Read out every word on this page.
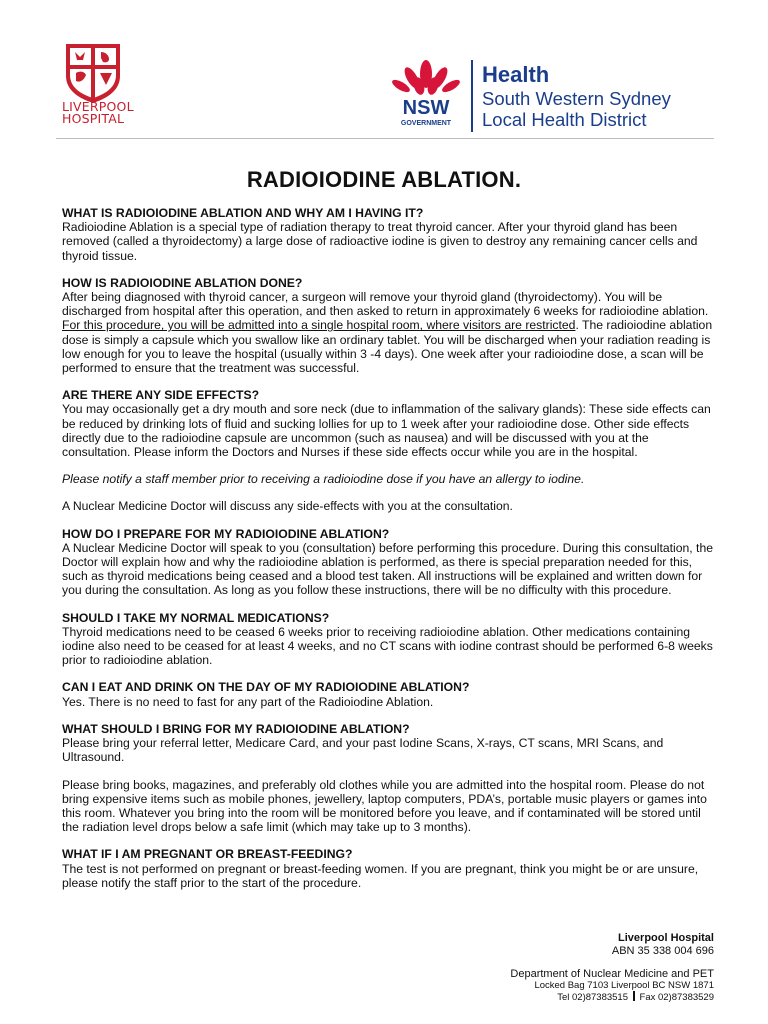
LIVERPOOL
HOSPITAL	NSW
GOVERNMENT
Health
South Western Sydney
Local Health District
RADIOIODINE ABLATION.
WHAT IS RADIOIODINE ABLATION AND WHY AM I HAVING IT?

Radioiodine Ablation is a special type of radiation therapy to treat thyroid cancer. After your thyroid gland has been removed (called a thyroidectomy) a large dose of radioactive iodine is given to destroy any remaining cancer cells and thyroid tissue.

HOW IS RADIOIODINE ABLATION DONE?

After being diagnosed with thyroid cancer, a surgeon will remove your thyroid gland (thyroidectomy). You will be discharged from hospital after this operation, and then asked to return in approximately 6 weeks for radioiodine ablation. For this procedure, you will be admitted into a single hospital room, where visitors are restricted. The radioiodine ablation dose is simply a capsule which you swallow like an ordinary tablet. You will be discharged when your radiation reading is low enough for you to leave the hospital (usually within 3 -4 days). One week after your radioiodine dose, a scan will be performed to ensure that the treatment was successful.

ARE THERE ANY SIDE EFFECTS?

You may occasionally get a dry mouth and sore neck (due to inflammation of the salivary glands): These side effects can be reduced by drinking lots of fluid and sucking lollies for up to 1 week after your radioiodine dose. Other side effects directly due to the radioiodine capsule are uncommon (such as nausea) and will be discussed with you at the consultation. Please inform the Doctors and Nurses if these side effects occur while you are in the hospital.

Please notify a staff member prior to receiving a radioiodine dose if you have an allergy to iodine.

A Nuclear Medicine Doctor will discuss any side-effects with you at the consultation.

HOW DO I PREPARE FOR MY RADIOIODINE ABLATION?

A Nuclear Medicine Doctor will speak to you (consultation) before performing this procedure. During this consultation, the Doctor will explain how and why the radioiodine ablation is performed, as there is special preparation needed for this, such as thyroid medications being ceased and a blood test taken. All instructions will be explained and written down for you during the consultation. As long as you follow these instructions, there will be no difficulty with this procedure.

SHOULD I TAKE MY NORMAL MEDICATIONS?

Thyroid medications need to be ceased 6 weeks prior to receiving radioiodine ablation. Other medications containing iodine also need to be ceased for at least 4 weeks, and no CT scans with iodine contrast should be performed 6-8 weeks prior to radioiodine ablation.

CAN I EAT AND DRINK ON THE DAY OF MY RADIOIODINE ABLATION?

Yes. There is no need to fast for any part of the Radioiodine Ablation.

WHAT SHOULD I BRING FOR MY RADIOIODINE ABLATION?

Please bring your referral letter, Medicare Card, and your past Iodine Scans, X-rays, CT scans, MRI Scans, and Ultrasound.

Please bring books, magazines, and preferably old clothes while you are admitted into the hospital room. Please do not bring expensive items such as mobile phones, jewellery, laptop computers, PDA’s, portable music players or games into this room. Whatever you bring into the room will be monitored before you leave, and if contaminated will be stored until the radiation level drops below a safe limit (which may take up to 3 months).

WHAT IF I AM PREGNANT OR BREAST-FEEDING?

The test is not performed on pregnant or breast-feeding women. If you are pregnant, think you might be or are unsure, please notify the staff prior to the start of the procedure.

Liverpool Hospital
ABN 35 338 004 696
Department of Nuclear Medicine and PET
Locked Bag 7103 Liverpool BC NSW 1871
Tel 02)87383515 Fax 02)87383529
